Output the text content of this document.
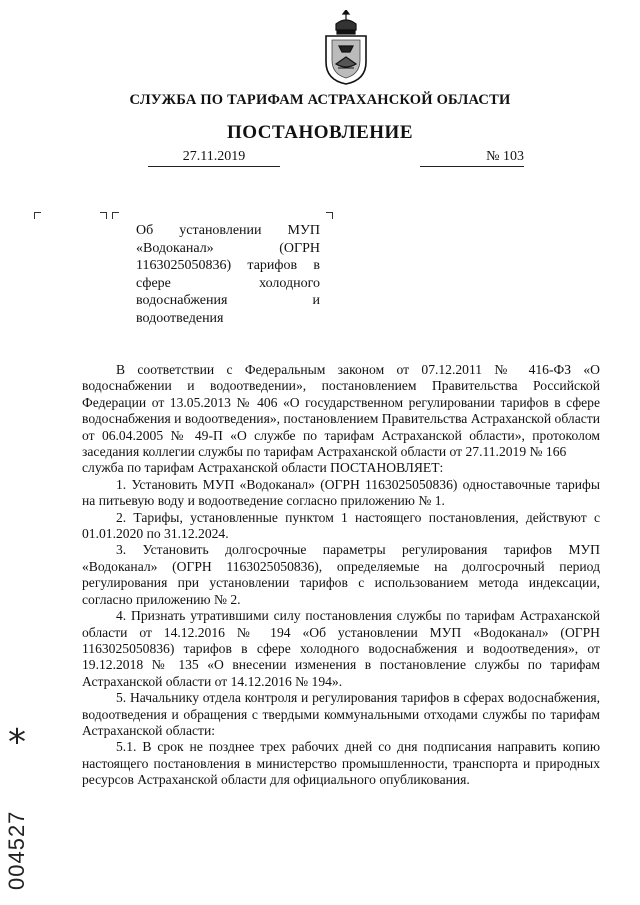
СЛУЖБА ПО ТАРИФАМ АСТРАХАНСКОЙ ОБЛАСТИ
ПОСТАНОВЛЕНИЕ
27.11.2019	№ 103
Об установлении МУП «Водоканал» (ОГРН 1163025050836) тарифов в сфере холодного водоснабжения и водоотведения

В соответствии с Федеральным законом от 07.12.2011 № 416-ФЗ «О водоснабжении и водоотведении», постановлением Правительства Российской Федерации от 13.05.2013 № 406 «О государственном регулировании тарифов в сфере водоснабжения и водоотведения», постановлением Правительства Астраханской области от 06.04.2005 № 49-П «О службе по тарифам Астраханской области», протоколом заседания коллегии службы по тарифам Астраханской области от 27.11.2019 № 166

служба по тарифам Астраханской области ПОСТАНОВЛЯЕТ:

1. Установить МУП «Водоканал» (ОГРН 1163025050836) одноставочные тарифы на питьевую воду и водоотведение согласно приложению № 1.

2. Тарифы, установленные пунктом 1 настоящего постановления, действуют с 01.01.2020 по 31.12.2024.

3. Установить долгосрочные параметры регулирования тарифов МУП «Водоканал» (ОГРН 1163025050836), определяемые на долгосрочный период регулирования при установлении тарифов с использованием метода индексации, согласно приложению № 2.

4. Признать утратившими силу постановления службы по тарифам Астраханской области от 14.12.2016 № 194 «Об установлении МУП «Водоканал» (ОГРН 1163025050836) тарифов в сфере холодного водоснабжения и водоотведения», от 19.12.2018 № 135 «О внесении изменения в постановление службы по тарифам Астраханской области от 14.12.2016 № 194».

5. Начальнику отдела контроля и регулирования тарифов в сферах водоснабжения, водоотведения и обращения с твердыми коммунальными отходами службы по тарифам Астраханской области:

5.1. В срок не позднее трех рабочих дней со дня подписания направить копию настоящего постановления в министерство промышленности, транспорта и природных ресурсов Астраханской области для официального опубликования.

*
004527
